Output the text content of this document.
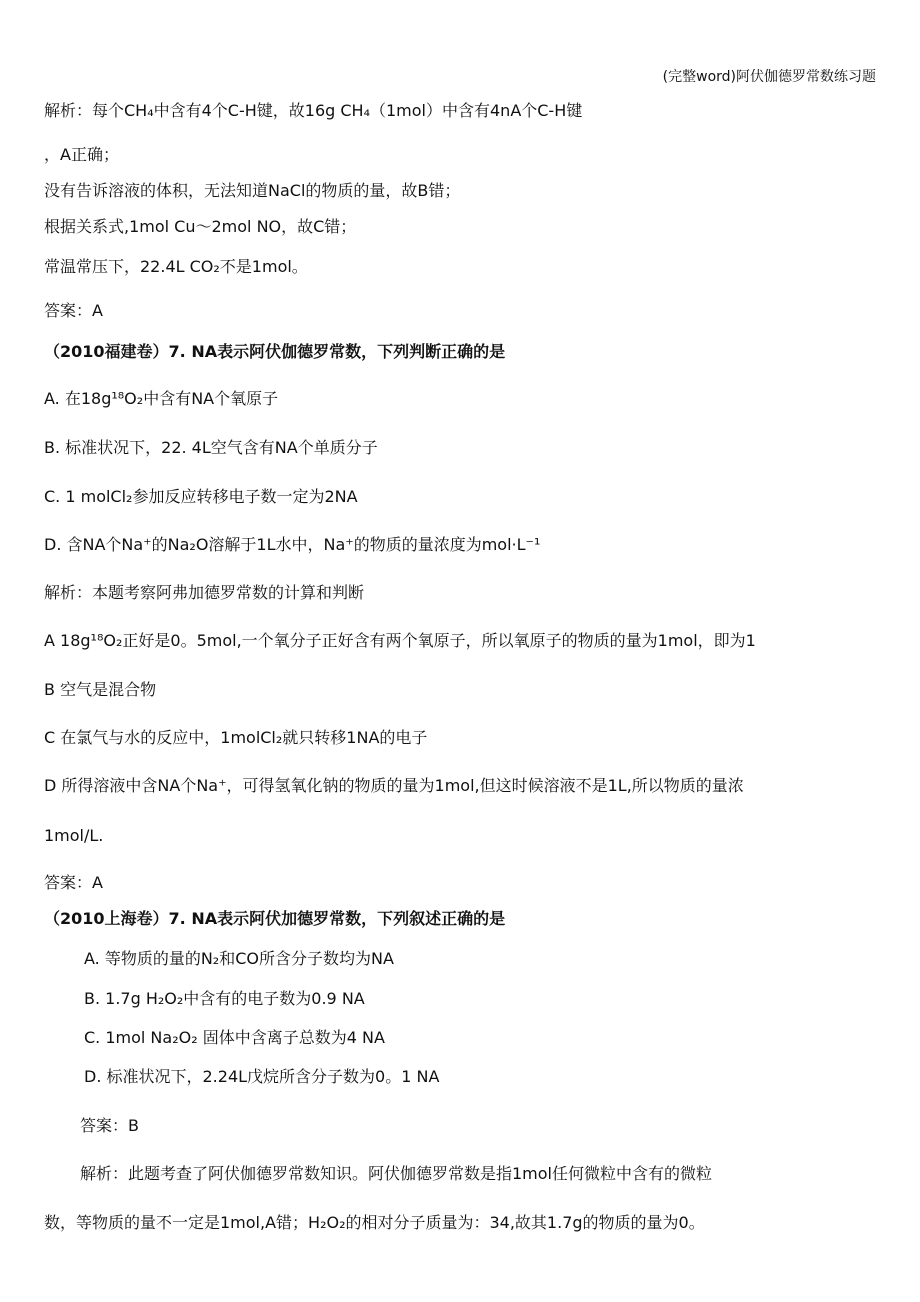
(完整word)阿伏伽德罗常数练习题
解析：每个CH₄中含有4个C-H键，故16g CH₄（1mol）中含有4nA个C-H键
，A正确；
没有告诉溶液的体积，无法知道NaCl的物质的量，故B错；
根据关系式,1mol Cu～2mol NO，故C错；
常温常压下，22.4L CO₂不是1mol。
答案：A
（2010福建卷）7. NA表示阿伏伽德罗常数，下列判断正确的是
A. 在18g¹⁸O₂中含有NA个氧原子
B. 标准状况下，22. 4L空气含有NA个单质分子
C. 1 molCl₂参加反应转移电子数一定为2NA
D. 含NA个Na⁺的Na₂O溶解于1L水中，Na⁺的物质的量浓度为mol·L⁻¹
解析：本题考察阿弗加德罗常数的计算和判断
A 18g¹⁸O₂正好是0。5mol,一个氧分子正好含有两个氧原子，所以氧原子的物质的量为1mol，即为1
B 空气是混合物
C 在氯气与水的反应中，1molCl₂就只转移1NA的电子
D 所得溶液中含NA个Na⁺，可得氢氧化钠的物质的量为1mol,但这时候溶液不是1L,所以物质的量浓
1mol/L.
答案：A
（2010上海卷）7. NA表示阿伏加德罗常数，下列叙述正确的是
A. 等物质的量的N₂和CO所含分子数均为NA
B. 1.7g H₂O₂中含有的电子数为0.9 NA
C. 1mol Na₂O₂ 固体中含离子总数为4 NA
D. 标准状况下，2.24L戊烷所含分子数为0。1 NA
答案：B
解析：此题考查了阿伏伽德罗常数知识。阿伏伽德罗常数是指1mol任何微粒中含有的微粒
数，等物质的量不一定是1mol,A错；H₂O₂的相对分子质量为：34,故其1.7g的物质的量为0。
